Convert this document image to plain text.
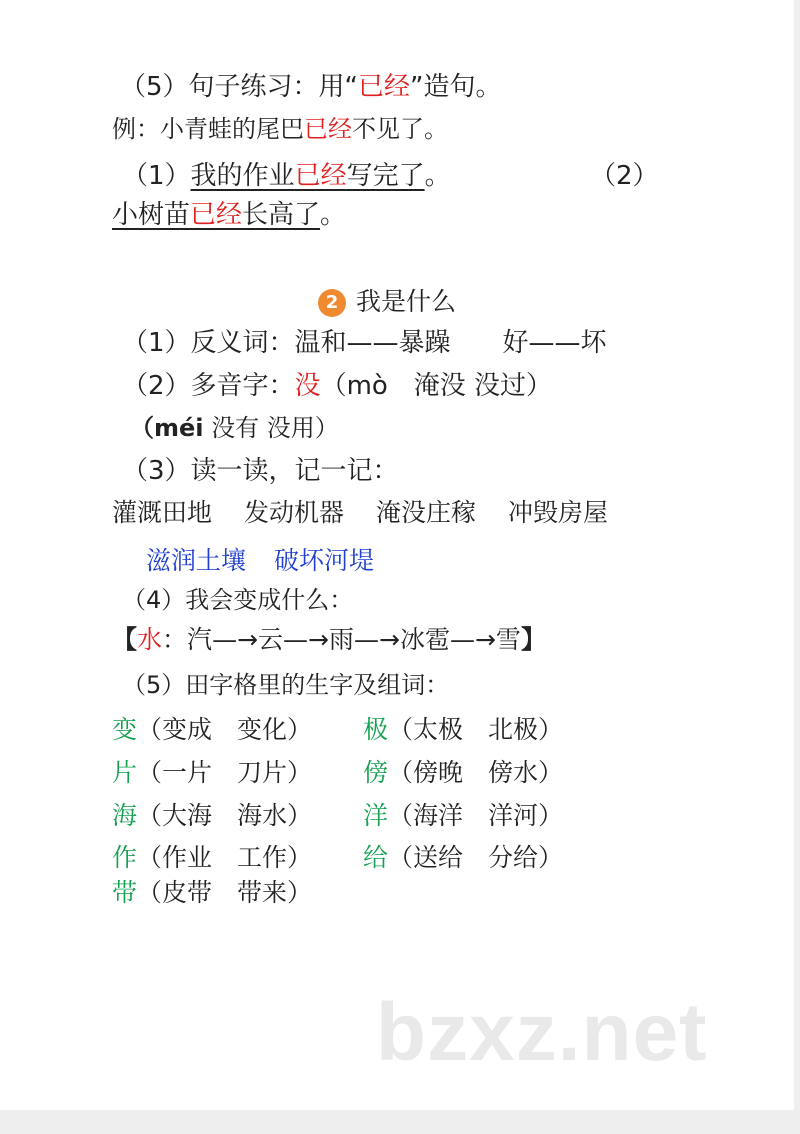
（5）句子练习：用“已经”造句。
例：小青蛙的尾巴已经不见了。
（1）我的作业已经写完了。	（2）
小树苗已经长高了。
2 我是什么
（1）反义词：温和——暴躁 好——坏
（2）多音字：没（mò　淹没 没过）
（méi 没有 没用）
（3）读一读，记一记：
灌溉田地 发动机器 淹没庄稼 冲毁房屋
滋润土壤 破坏河堤
（4）我会变成什么：
【水：汽—→云—→雨—→冰雹—→雪】
（5）田字格里的生字及组词：
变（变成　变化） 极（太极　北极）
片（一片　刀片） 傍（傍晚　傍水）
海（大海　海水） 洋（海洋　洋河）
作（作业　工作） 给（送给　分给）
带（皮带　带来）
bzxz.net
